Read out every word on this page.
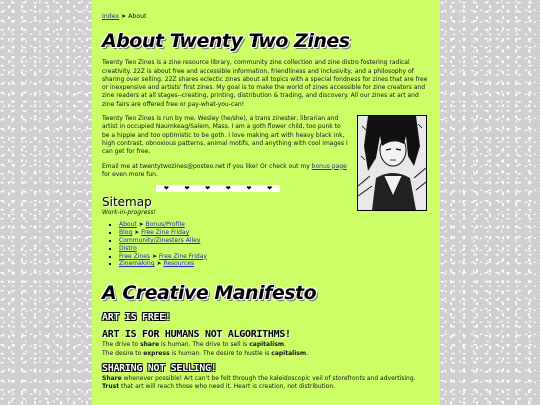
Index ➤ About
About Twenty Two Zines

Twenty Two Zines is a zine resource library, community zine collection and zine distro fostering radical creativity. 22Z is about free and accessible information, friendliness and inclusivity, and a philosophy of sharing over selling. 22Z shares eclectic zines about all topics with a special fondness for zines that are free or inexpensive and artists' first zines. My goal is to make the world of zines accessible for zine creators and zine readers at all stages--creating, printing, distribution & trading, and discovery. All our zines at art and zine fairs are offered free or pay-what-you-can!

Twenty Two Zines is run by me, Wesley (he/she), a trans zinester, librarian and artist in occupied Naumkeag/Salem, Mass. I am a goth flower child, too punk to be a hippie and too optimistic to be goth. I love making art with heavy black ink, high contrast, obnoxious patterns, animal motifs, and anything with cool images I can get for free.

Email me at twentytwozines@posteo.net if you like! Or check out my bonus page for even more fun.

❤	❤	❤	❤	❤	❤
Sitemap
Work-in-progress!
▪ About ➤ Bonus/Profile
▪ Blog ➤ Free Zine Friday
▪ Community/Zinesters Alley
▪ Distro
▪ Free Zines ➤ Free Zine Friday
▪ Zinemaking ➤ Resources
A Creative Manifesto
ART IS FREE!
ART IS FOR HUMANS NOT ALGORITHMS!
The drive to share is human. The drive to sell is capitalism.
The desire to express is human. The desire to hustle is capitalism.
SHARING NOT SELLING!
Share whenever possible! Art can't be felt through the kaleidoscopic veil of storefronts and advertising.
Trust that art will reach those who need it. Heart is creation, not distribution.
